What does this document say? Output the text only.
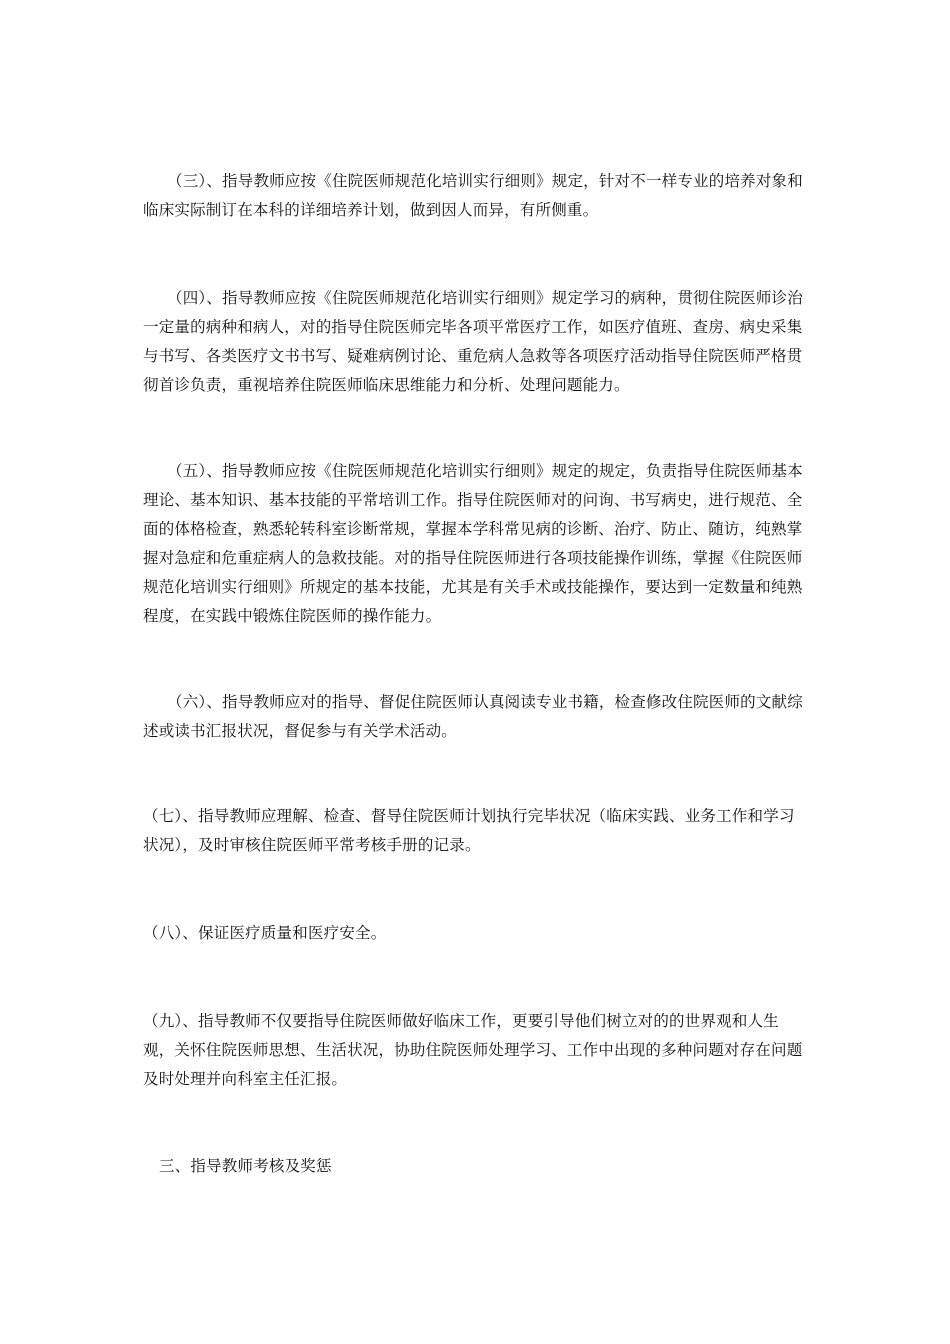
（三）、指导教师应按《住院医师规范化培训实行细则》规定，针对不一样专业的培养对象和临床实际制订在本科的详细培养计划，做到因人而异，有所侧重。

（四）、指导教师应按《住院医师规范化培训实行细则》规定学习的病种，贯彻住院医师诊治一定量的病种和病人，对的指导住院医师完毕各项平常医疗工作，如医疗值班、查房、病史采集与书写、各类医疗文书书写、疑难病例讨论、重危病人急救等各项医疗活动指导住院医师严格贯彻首诊负责，重视培养住院医师临床思维能力和分析、处理问题能力。

（五）、指导教师应按《住院医师规范化培训实行细则》规定的规定，负责指导住院医师基本理论、基本知识、基本技能的平常培训工作。指导住院医师对的问询、书写病史，进行规范、全面的体格检查，熟悉轮转科室诊断常规，掌握本学科常见病的诊断、治疗、防止、随访，纯熟掌握对急症和危重症病人的急救技能。对的指导住院医师进行各项技能操作训练，掌握《住院医师规范化培训实行细则》所规定的基本技能，尤其是有关手术或技能操作，要达到一定数量和纯熟程度，在实践中锻炼住院医师的操作能力。

（六）、指导教师应对的指导、督促住院医师认真阅读专业书籍，检查修改住院医师的文献综述或读书汇报状况，督促参与有关学术活动。

（七）、指导教师应理解、检查、督导住院医师计划执行完毕状况（临床实践、业务工作和学习状况），及时审核住院医师平常考核手册的记录。

（八）、保证医疗质量和医疗安全。

（九）、指导教师不仅要指导住院医师做好临床工作，更要引导他们树立对的的世界观和人生观，关怀住院医师思想、生活状况，协助住院医师处理学习、工作中出现的多种问题对存在问题及时处理并向科室主任汇报。

三、指导教师考核及奖惩
